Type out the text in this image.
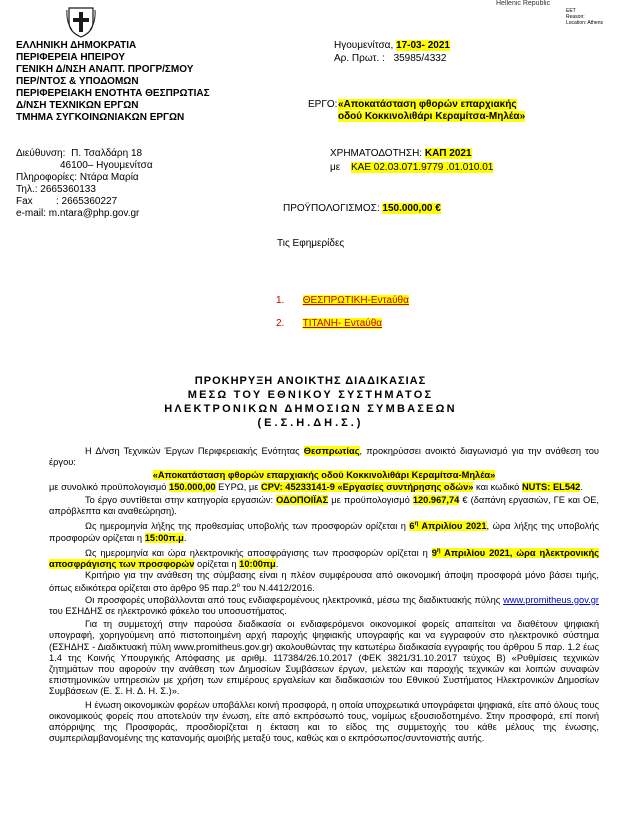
Hellenic Republic
EET
Reason:
Location: Athens
ΕΛΛΗΝΙΚΗ ΔΗΜΟΚΡΑΤΙΑ
ΠΕΡΙΦΕΡΕΙΑ ΗΠΕΙΡΟΥ
ΓΕΝΙΚΗ Δ/ΝΣΗ ΑΝΑΠΤ. ΠΡΟΓΡ/ΣΜΟΥ
ΠΕΡ/ΝΤΟΣ & ΥΠΟΔΟΜΩΝ
ΠΕΡΙΦΕΡΕΙΑΚΗ ΕΝΟΤΗΤΑ ΘΕΣΠΡΩΤΙΑΣ
Δ/ΝΣΗ ΤΕΧΝΙΚΩΝ ΕΡΓΩΝ
ΤΜΗΜΑ ΣΥΓΚΟΙΝΩΝΙΑΚΩΝ ΕΡΓΩΝ
Ηγουμενίτσα, 17-03- 2021
Αρ. Πρωτ. : 35985/4332
ΕΡΓΟ: «Αποκατάσταση φθορών επαρχιακής
οδού Κοκκινολιθάρι Κεραμίτσα-Μηλέα»
Διεύθυνση: Π. Τσαλδάρη 18
46100– Ηγουμενίτσα
Πληροφορίες: Ντάρα Μαρία
Τηλ.: 2665360133
Fax : 2665360227
e-mail: m.ntara@php.gov.gr
ΧΡΗΜΑΤΟΔΟΤΗΣΗ: ΚΑΠ 2021
με ΚΑΕ 02.03.071.9779 .01.010.01
ΠΡΟΫΠΟΛΟΓΙΣΜΟΣ: 150.000,00 €
Τις Εφημερίδες
1. ΘΕΣΠΡΩΤΙΚΗ-Εντaύθα
2. ΤΙΤΑΝΗ- Εντaύθα
ΠΡΟΚΗΡΥΞΗ ΑΝΟΙΚΤΗΣ ΔΙΑΔΙΚΑΣΙΑΣ
ΜΕΣΩ ΤΟΥ ΕΘΝΙΚΟΥ ΣΥΣΤΗΜΑΤΟΣ
ΗΛΕΚΤΡΟΝΙΚΩΝ ΔΗΜΟΣΙΩΝ ΣΥΜΒΑΣΕΩΝ
(Ε.Σ.Η.ΔΗ.Σ.)

Η Δ/νση Τεχνικών Έργων Περιφερειακής Ενότητας Θεσπρωτίας, προκηρύσσει ανοικτό διαγωνισμό για την ανάθεση του έργου:

«Αποκατάσταση φθορών επαρχιακής οδού Κοκκινολιθάρι Κεραμίτσα-Μηλέα»

με συνολικό προϋπολογισμό 150.000,00 ΕΥΡΩ, με CPV: 45233141-9 «Εργασίες συντήρησης οδών» και κωδικό NUTS: EL542.

Το έργο συντίθεται στην κατηγορία εργασιών: ΟΔΟΠΟΙΪΑΣ με προϋπολογισμό 120.967,74 € (δαπάνη εργασιών, ΓΕ και ΟΕ, απρόβλεπτα και αναθεώρηση).

Ως ημερομηνία λήξης της προθεσμίας υποβολής των προσφορών ορίζεται η $6^\eta$ Απριλίου 2021, ώρα λήξης της υποβολής προσφορών ορίζεται η 15:00π.μ.

Ως ημερομηνία και ώρα ηλεκτρονικής αποσφράγισης των προσφορών ορίζεται η $9^\eta$ Απριλίου 2021, ώρα ηλεκτρονικής αποσφράγισης των προσφορών ορίζεται η 10:00πμ.

Κριτήριο για την ανάθεση της σύμβασης είναι η πλέον συμφέρουσα από οικονομική άποψη προσφορά μόνο βάσει τιμής, όπως ειδικότερα ορίζεται στο άρθρο 95 $\pi\alpha\rho.2^o$ του Ν.4412/2016.

Οι προσφορές υποβάλλονται από τους ενδιαφερομένους ηλεκτρονικά, μέσω της διαδικτυακής πύλης www.promitheus.gov.gr του ΕΣΗΔΗΣ σε ηλεκτρονικό φάκελο του υποσυστήματος.

Για τη συμμετοχή στην παρούσα διαδικασία οι ενδιαφερόμενοι οικονομικοί φορείς απαιτείται να διαθέτουν ψηφιακή υπογραφή, χορηγούμενη από πιστοποιημένη αρχή παροχής ψηφιακής υπογραφής και να εγγραφούν στο ηλεκτρονικό σύστημα (ΕΣΗΔΗΣ - Διαδικτυακή πύλη www.promitheus.gov.gr) ακολουθώντας την κατωτέρω διαδικασία εγγραφής του άρθρου 5 παρ. 1.2 έως 1.4 της Κοινής Υπουργικής Απόφασης με αριθμ. 117384/26.10.2017 (ΦΕΚ 3821/31.10.2017 τεύχος Β) «Ρυθμίσεις τεχνικών ζητημάτων που αφορούν την ανάθεση των Δημοσίων Συμβάσεων έργων, μελετών και παροχής τεχνικών και λοιπών συναφών επιστημονικών υπηρεσιών με χρήση των επιμέρους εργαλείων και διαδικασιών του Εθνικού Συστήματος Ηλεκτρονικών Δημοσίων Συμβάσεων (Ε. Σ. Η. Δ. Η. Σ.)».

Η ένωση οικονομικών φορέων υποβάλλει κοινή προσφορά, η οποία υποχρεωτικά υπογράφεται ψηφιακά, είτε από όλους τους οικονομικούς φορείς που αποτελούν την ένωση, είτε από εκπρόσωπό τους, νομίμως εξουσιοδοτημένο. Στην προσφορά, επί ποινή απόρριψης της Προσφοράς, προσδιορίζεται η έκταση και το είδος της συμμετοχής του κάθε μέλους της ένωσης, συμπεριλαμβανομένης της κατανομής αμοιβής μεταξύ τους, καθώς και ο εκπρόσωπος/συντονιστής αυτής.
